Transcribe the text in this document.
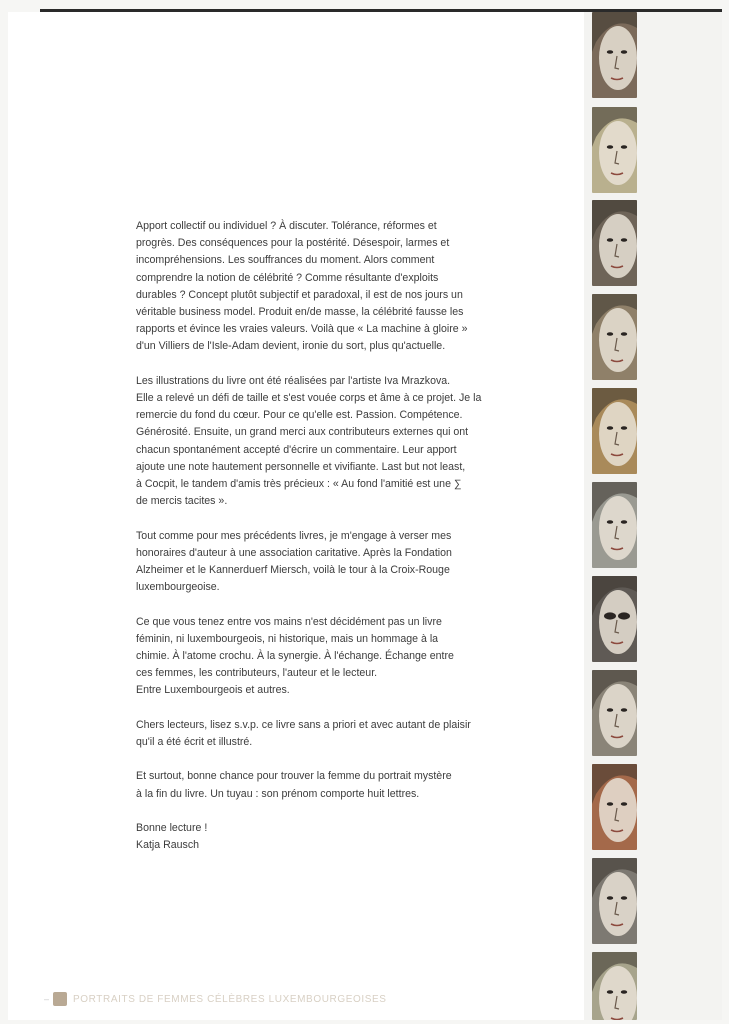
Apport collectif ou individuel ? À discuter. Tolérance, réformes et
progrès. Des conséquences pour la postérité. Désespoir, larmes et
incompréhensions. Les souffrances du moment. Alors comment
comprendre la notion de célébrité ? Comme résultante d'exploits
durables ? Concept plutôt subjectif et paradoxal, il est de nos jours un
véritable business model. Produit en/de masse, la célébrité fausse les
rapports et évince les vraies valeurs. Voilà que « La machine à gloire »
d'un Villiers de l'Isle-Adam devient, ironie du sort, plus qu'actuelle.

Les illustrations du livre ont été réalisées par l'artiste Iva Mrazkova.
Elle a relevé un défi de taille et s'est vouée corps et âme à ce projet. Je la
remercie du fond du cœur. Pour ce qu'elle est. Passion. Compétence.
Générosité. Ensuite, un grand merci aux contributeurs externes qui ont
chacun spontanément accepté d'écrire un commentaire. Leur apport
ajoute une note hautement personnelle et vivifiante. Last but not least,
à Cocpit, le tandem d'amis très précieux : « Au fond l'amitié est une ∑
de mercis tacites ».

Tout comme pour mes précédents livres, je m'engage à verser mes
honoraires d'auteur à une association caritative. Après la Fondation
Alzheimer et le Kannerduerf Miersch, voilà le tour à la Croix-Rouge
luxembourgeoise.

Ce que vous tenez entre vos mains n'est décidément pas un livre
féminin, ni luxembourgeois, ni historique, mais un hommage à la
chimie. À l'atome crochu. À la synergie. À l'échange. Échange entre
ces femmes, les contributeurs, l'auteur et le lecteur.
Entre Luxembourgeois et autres.

Chers lecteurs, lisez s.v.p. ce livre sans a priori et avec autant de plaisir
qu'il a été écrit et illustré.

Et surtout, bonne chance pour trouver la femme du portrait mystère
à la fin du livre. Un tuyau : son prénom comporte huit lettres.

Bonne lecture !

Katja Rausch

– PORTRAITS DE FEMMES CÉLÈBRES LUXEMBOURGEOISES
